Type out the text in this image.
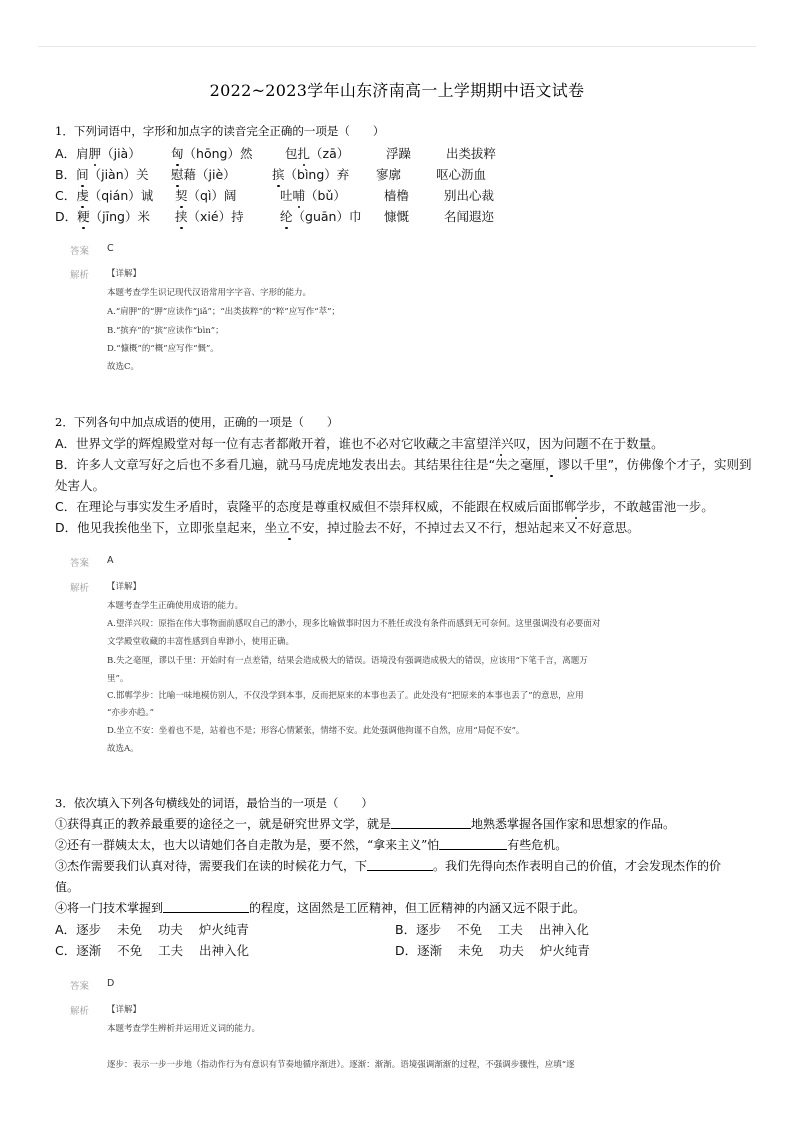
2022~2023学年山东济南高一上学期期中语文试卷
1．下列词语中，字形和加点字的读音完全正确的一项是（　　）
A．肩胛（jià） 匈（hōng）然	包扎（zā）	浮躁	出类拔粹
B．间（jiàn）关 慰藉（jiè）	摈（bìng）弃 寥廓	呕心沥血
C．虔（qián）诚 契（qì）阔	吐哺（bǔ）	樯橹	别出心裁
D．粳（jīng）米 挟（xié）持	纶（guān）巾 慷慨	名闻遐迩
答案 C
解析 【详解】
本题考查学生识记现代汉语常用字字音、字形的能力。
A.“肩胛”的“胛”应读作“jiǎ”；“出类拔粹”的“粹”应写作“萃”；
B.“摈弃”的“摈”应读作“bìn”；
D.“慷概”的“概”应写作“慨”。
故选C。
2．下列各句中加点成语的使用，正确的一项是（　　）
A．世界文学的辉煌殿堂对每一位有志者都敞开着，谁也不必对它收藏之丰富望洋兴叹，因为问题不在于数量。
B．许多人文章写好之后也不多看几遍，就马马虎虎地发表出去。其结果往往是“失之毫厘，谬以千里”，仿佛像个才子，实则到
处害人。
C．在理论与事实发生矛盾时，袁隆平的态度是尊重权威但不崇拜权威，不能跟在权威后面邯郸学步，不敢越雷池一步。
D．他见我挨他坐下，立即张皇起来，坐立不安，掉过脸去不好，不掉过去又不行，想站起来又不好意思。
答案 A
解析 【详解】
本题考查学生正确使用成语的能力。
A.望洋兴叹：原指在伟大事物面前感叹自己的渺小，现多比喻做事时因力不胜任或没有条件而感到无可奈何。这里强调没有必要面对
文学殿堂收藏的丰富性感到自卑渺小，使用正确。
B.失之毫厘，谬以千里：开始时有一点差错，结果会造成极大的错误。语境没有强调造成极大的错误，应该用“下笔千言，离题万
里”。
C.邯郸学步：比喻一味地模仿别人，不仅没学到本事，反而把原来的本事也丢了。此处没有“把原来的本事也丢了”的意思，应用
“亦步亦趋。”
D.坐立不安：坐着也不是，站着也不是；形容心情紧张，情绪不安。此处强调他拘谨不自然，应用“局促不安”。
故选A。
3．依次填入下列各句横线处的词语，最恰当的一项是（　　）
①获得真正的教养最重要的途径之一，就是研究世界文学，就是	地熟悉掌握各国作家和思想家的作品。
②还有一群姨太太，也大以请她们各自走散为是，要不然，“拿来主义”怕	有些危机。
③杰作需要我们认真对待，需要我们在读的时候花力气，下	。我们先得向杰作表明自己的价值，才会发现杰作的价
值。
④将一门技术掌握到	的程度，这固然是工匠精神，但工匠精神的内涵又远不限于此。
A．逐步 未免 功夫 炉火纯青	B．逐步 不免 工夫 出神入化
C．逐渐 不免 工夫 出神入化	D．逐渐 未免 功夫 炉火纯青
答案 D
解析 【详解】
本题考查学生辨析并运用近义词的能力。
逐步：表示一步一步地（指动作行为有意识有节奏地循序渐进）。逐渐：渐渐。语境强调渐渐的过程，不强调步骤性，应填“逐
